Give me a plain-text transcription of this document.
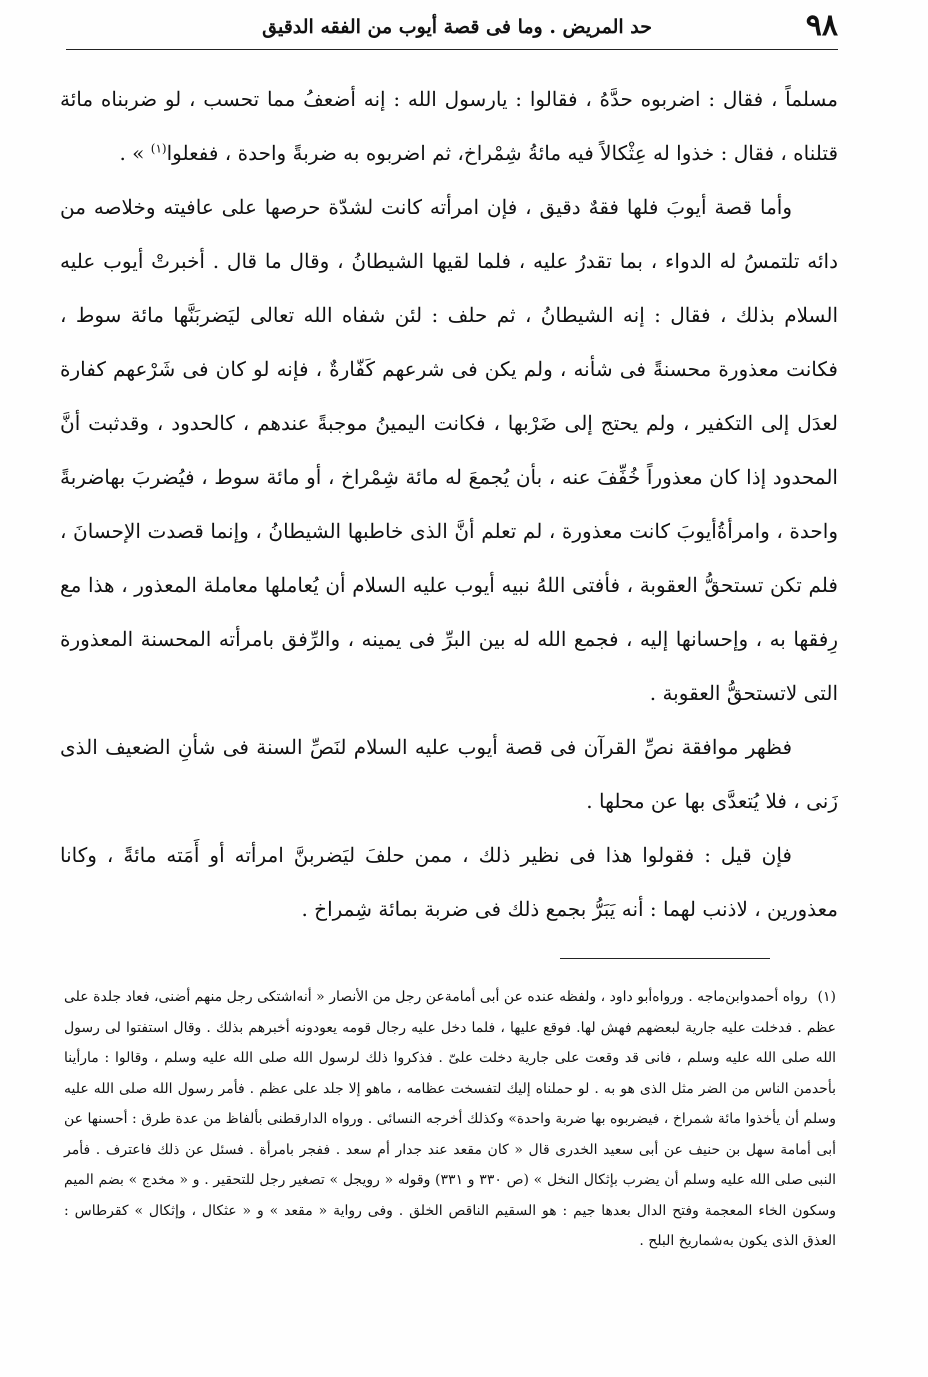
٩٨
حد المريض . وما فى قصة أيوب من الفقه الدقيق

مسلماً ، فقال : اضربوه حدَّهُ ، فقالوا : يارسول الله : إنه أضعفُ مما تحسب ، لو ضربناه مائة قتلناه ، فقال : خذوا له عِثْكالاً فيه مائةُ شِمْراخ، ثم اضربوه به ضربةً واحدة ، ففعلوا$^{(١)}$ » .

وأما قصة أيوبَ فلها فقهٌ دقيق ، فإن امرأته كانت لشدّة حرصها على عافيته وخلاصه من دائه تلتمسُ له الدواء ، بما تقدرُ عليه ، فلما لقيها الشيطانُ ، وقال ما قال . أخبرتْ أيوب عليه السلام بذلك ، فقال : إنه الشيطانُ ، ثم حلف : لئن شفاه الله تعالى ليَضربَنَّها مائة سوط ، فكانت معذورة محسنةً فى شأنه ، ولم يكن فى شرعهم كَفّارةٌ ، فإنه لو كان فى شَرْعهم كفارة لعدَل إلى التكفير ، ولم يحتج إلى ضَرْبها ، فكانت اليمينُ موجبةً عندهم ، كالحدود ، وقدثبت أنَّ المحدود إذا كان معذوراً خُفِّفَ عنه ، بأن يُجمعَ له مائة شِمْراخ ، أو مائة سوط ، فيُضربَ بهاضربةً واحدة ، وامرأةُأيوبَ كانت معذورة ، لم تعلم أنَّ الذى خاطبها الشيطانُ ، وإنما قصدت الإحسانَ ، فلم تكن تستحقُّ العقوبة ، فأفتى اللهُ نبيه أيوب عليه السلام أن يُعاملها معاملة المعذور ، هذا مع رِفقها به ، وإحسانها إليه ، فجمع الله له بين البرِّ فى يمينه ، والرِّفق بامرأته المحسنة المعذورة التى لاتستحقُّ العقوبة .

فظهر موافقة نصِّ القرآن فى قصة أيوب عليه السلام لنَصِّ السنة فى شأنِ الضعيف الذى زَنى ، فلا يُتعدَّى بها عن محلها .

فإن قيل : فقولوا هذا فى نظير ذلك ، ممن حلفَ ليَضربنَّ امرأته أو أَمَته مائةً ، وكانا معذورين ، لاذنب لهما : أنه يَبَرُّ بجمع ذلك فى ضربة بمائة شِمراخ .

(١)رواه أحمدوابن‌ماجه . ورواه‌أبو داود ، ولفظه عنده عن أبى أمامةعن رجل من الأنصار « أنه‌اشتكى رجل منهم أضنى، فعاد جلدة على عظم . فدخلت عليه جارية لبعضهم فهش لها. فوقع عليها ، فلما دخل عليه رجال قومه يعودونه أخبرهم بذلك . وقال استفتوا لى رسول الله صلى الله عليه وسلم ، فانى قد وقعت على جارية دخلت علىّ . فذكروا ذلك لرسول الله صلى الله عليه وسلم ، وقالوا : مارأينا بأحدمن الناس من الضر مثل الذى هو به . لو حملناه إليك لتفسخت عظامه ، ماهو إلا جلد على عظم . فأمر رسول الله صلى الله عليه وسلم أن يأخذوا مائة شمراخ ، فيضربوه بها ضربة واحدة» وكذلك أخرجه النسائى . ورواه الدارقطنى بألفاظ من عدة طرق : أحسنها عن أبى أمامة سهل بن حنيف عن أبى سعيد الخدرى قال « كان مقعد عند جدار أم سعد . ففجر بامرأة . فسئل عن ذلك فاعترف . فأمر النبى صلى الله عليه وسلم أن يضرب بإثكال النخل » (ص ٣٣٠ و ٣٣١) وقوله « رويجل » تصغير رجل للتحقير . و « مخدج » بضم الميم وسكون الخاء المعجمة وفتح الدال بعدها جيم : هو السقيم الناقص الخلق . وفى رواية « مقعد » و « عثكال ، وإثكال » كقرطاس : العذق الذى يكون به‌شماريخ البلح .
